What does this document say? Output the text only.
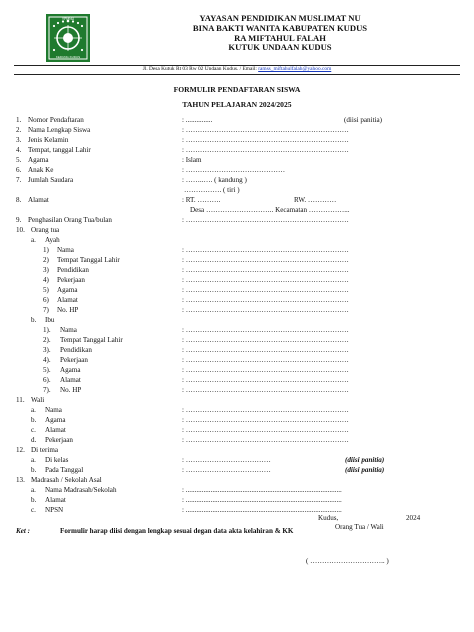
YPMNU
KEDUNG KUDUS
YAYASAN PENDIDIKAN MUSLIMAT NU
BINA BAKTI WANITA KABUPATEN KUDUS
RA MIFTAHUL FALAH
KUTUK UNDAAN KUDUS
Jl. Desa Kutuk Rt 03 Rw 02 Undaan Kudus. / Email: ramss_miftahulfalah@yahoo.com
FORMULIR PENDAFTARAN SISWA
TAHUN PELAJARAN 2024/2025
1. Nomor Pendaftaran	: ...............	(diisi panitia)
2. Nama Lengkap Siswa	: ……………………………………………………………
3. Jenis Kelamin	: ……………………………………………………………
4. Tempat, tanggal Lahir	: ……………………………………………………………
5. Agama	: Islam
6. Anak Ke	: ……………………………………
7. Jumlah Saudara	: ……..…. ( kandung )
……………. ( tiri )
8. Alamat	: RT. ……….	RW. …………
Desa ……………………….. Kecamatan ……………...
9. Penghasilan Orang Tua/bulan	: ……………………………………………………………
10. Orang tua
a. Ayah
1) Nama	: ……………………………………………………………
2) Tempat Tanggal Lahir	: ……………………………………………………………
3) Pendidikan	: ……………………………………………………………
4) Pekerjaan	: ……………………………………………………………
5) Agama	: ……………………………………………………………
6) Alamat	: ……………………………………………………………
7) No. HP	: ……………………………………………………………
b. Ibu
1). Nama	: ……………………………………………………………
2). Tempat Tanggal Lahir	: ……………………………………………………………
3). Pendidikan	: ……………………………………………………………
4). Pekerjaan	: ……………………………………………………………
5). Agama	: ……………………………………………………………
6). Alamat	: ……………………………………………………………
7). No. HP	: ……………………………………………………………
11. Wali
a. Nama	: ……………………………………………………………
b. Agama	: ……………………………………………………………
c. Alamat	: ……………………………………………………………
d. Pekerjaan	: ……………………………………………………………
12. Di terima
a. Di kelas	: ………………………………	(diisi panitia)
b. Pada Tanggal	: ………………………………	(diisi panitia)
13. Madrasah / Sekolah Asal
a. Nama Madrasah/Sekolah	: ........................................................................................
b. Alamat	: ........................................................................................
c. NPSN	: ........................................................................................
Ket :	Formulir harap diisi dengan lengkap sesuai degan data akta kelahiran & KK
Kudus,	2024
Orang Tua / Wali
( ………………………….. )
